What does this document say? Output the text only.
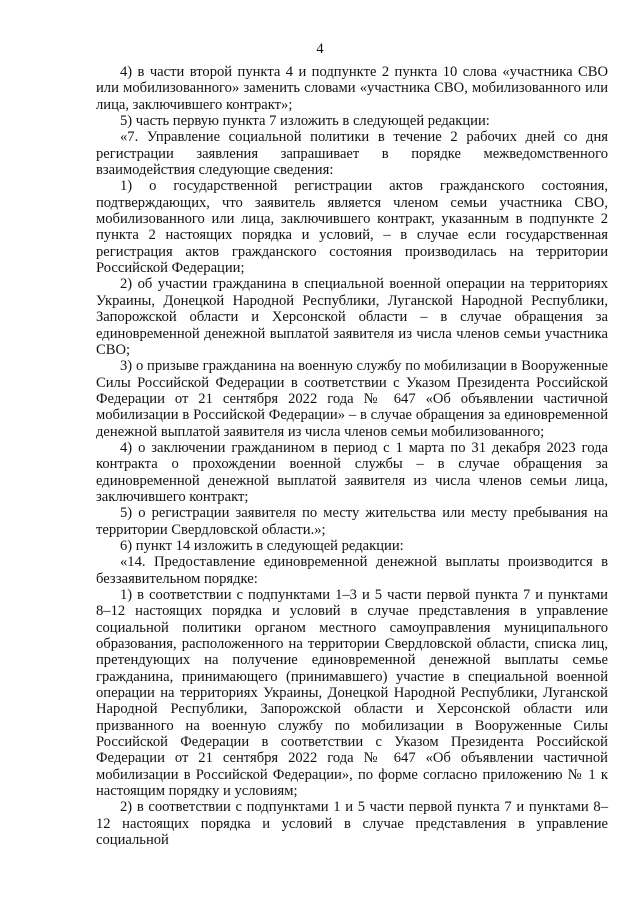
4

4) в части второй пункта 4 и подпункте 2 пункта 10 слова «участника СВО или мобилизованного» заменить словами «участника СВО, мобилизованного или лица, заключившего контракт»;

5) часть первую пункта 7 изложить в следующей редакции:

«7. Управление социальной политики в течение 2 рабочих дней со дня регистрации заявления запрашивает в порядке межведомственного взаимодействия следующие сведения:

1) о государственной регистрации актов гражданского состояния, подтверждающих, что заявитель является членом семьи участника СВО, мобилизованного или лица, заключившего контракт, указанным в подпункте 2 пункта 2 настоящих порядка и условий, – в случае если государственная регистрация актов гражданского состояния производилась на территории Российской Федерации;

2) об участии гражданина в специальной военной операции на территориях Украины, Донецкой Народной Республики, Луганской Народной Республики, Запорожской области и Херсонской области – в случае обращения за единовременной денежной выплатой заявителя из числа членов семьи участника СВО;

3) о призыве гражданина на военную службу по мобилизации в Вооруженные Силы Российской Федерации в соответствии с Указом Президента Российской Федерации от 21 сентября 2022 года № 647 «Об объявлении частичной мобилизации в Российской Федерации» – в случае обращения за единовременной денежной выплатой заявителя из числа членов семьи мобилизованного;

4) о заключении гражданином в период с 1 марта по 31 декабря 2023 года контракта о прохождении военной службы – в случае обращения за единовременной денежной выплатой заявителя из числа членов семьи лица, заключившего контракт;

5) о регистрации заявителя по месту жительства или месту пребывания на территории Свердловской области.»;

6) пункт 14 изложить в следующей редакции:

«14. Предоставление единовременной денежной выплаты производится в беззаявительном порядке:

1) в соответствии с подпунктами 1–3 и 5 части первой пункта 7 и пунктами 8–12 настоящих порядка и условий в случае представления в управление социальной политики органом местного самоуправления муниципального образования, расположенного на территории Свердловской области, списка лиц, претендующих на получение единовременной денежной выплаты семье гражданина, принимающего (принимавшего) участие в специальной военной операции на территориях Украины, Донецкой Народной Республики, Луганской Народной Республики, Запорожской области и Херсонской области или призванного на военную службу по мобилизации в Вооруженные Силы Российской Федерации в соответствии с Указом Президента Российской Федерации от 21 сентября 2022 года № 647 «Об объявлении частичной мобилизации в Российской Федерации», по форме согласно приложению № 1 к настоящим порядку и условиям;

2) в соответствии с подпунктами 1 и 5 части первой пункта 7 и пунктами 8–12 настоящих порядка и условий в случае представления в управление социальной
